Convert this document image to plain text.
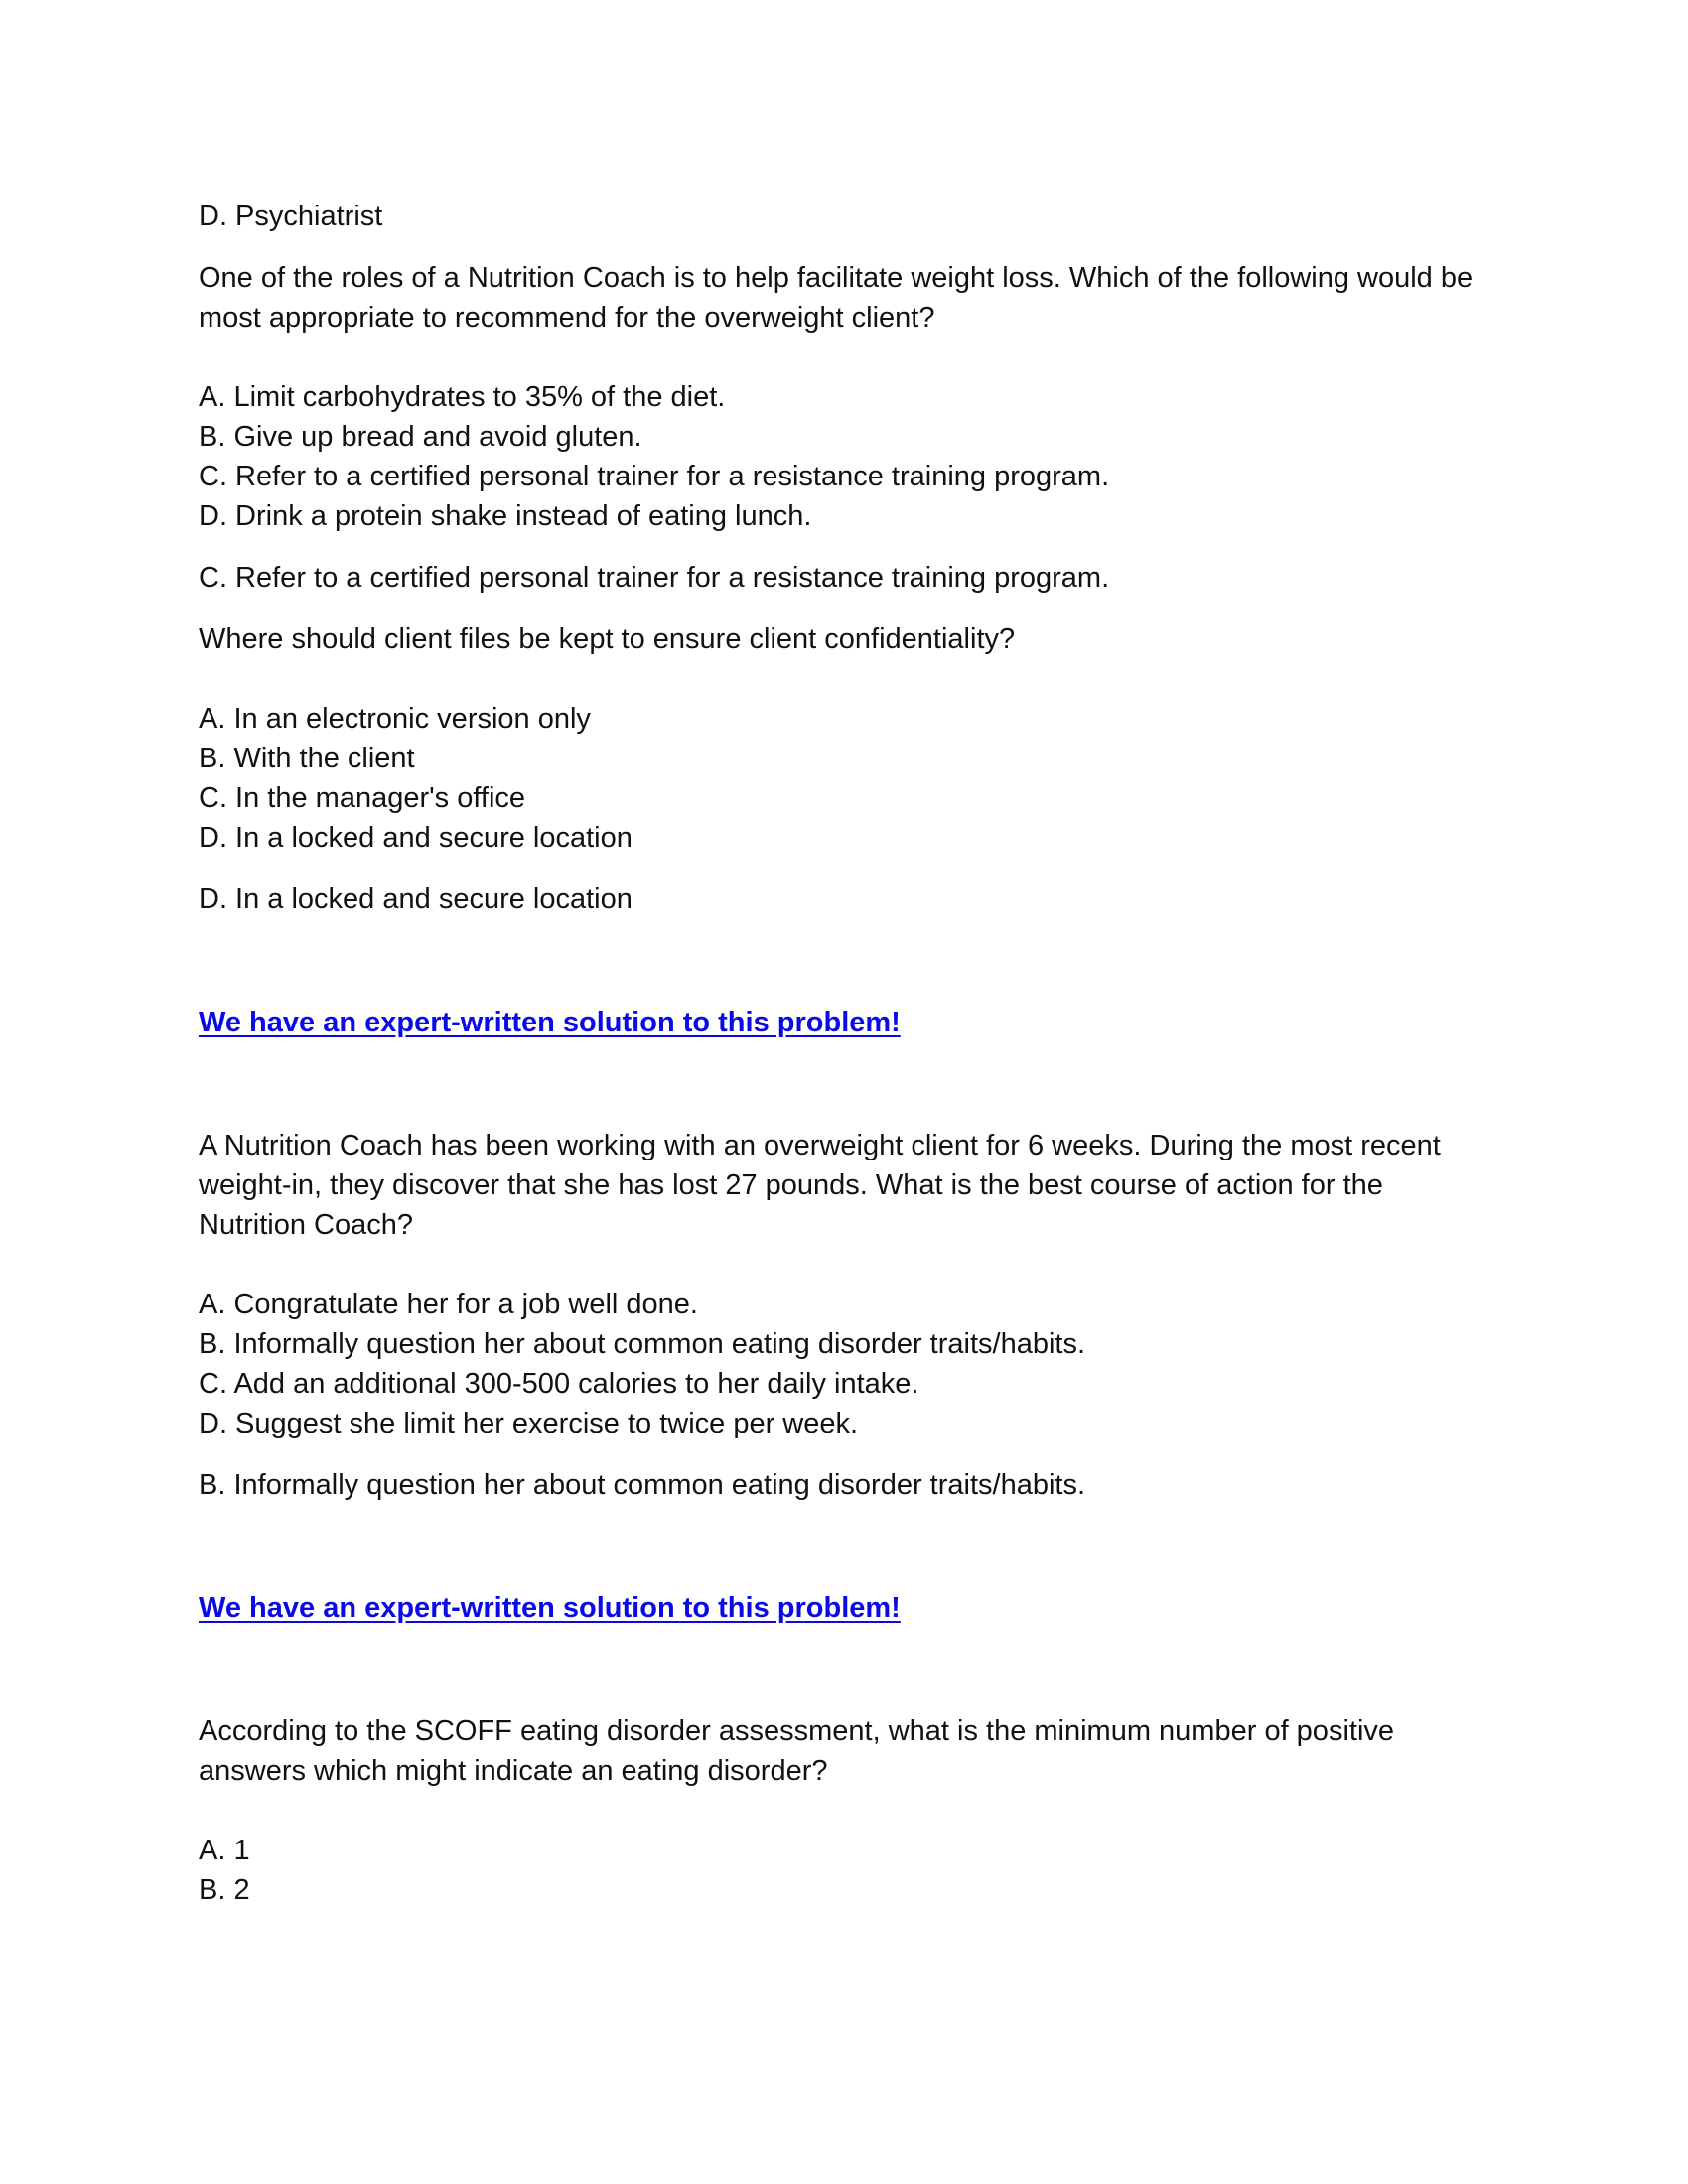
D. Psychiatrist

One of the roles of a Nutrition Coach is to help facilitate weight loss. Which of the following would be most appropriate to recommend for the overweight client?

A. Limit carbohydrates to 35% of the diet.

B. Give up bread and avoid gluten.

C. Refer to a certified personal trainer for a resistance training program.

D. Drink a protein shake instead of eating lunch.

C. Refer to a certified personal trainer for a resistance training program.

Where should client files be kept to ensure client confidentiality?

A. In an electronic version only

B. With the client

C. In the manager's office

D. In a locked and secure location

D. In a locked and secure location

We have an expert-written solution to this problem!

A Nutrition Coach has been working with an overweight client for 6 weeks. During the most recent weight-in, they discover that she has lost 27 pounds. What is the best course of action for the Nutrition Coach?

A. Congratulate her for a job well done.

B. Informally question her about common eating disorder traits/habits.

C. Add an additional 300-500 calories to her daily intake.

D. Suggest she limit her exercise to twice per week.

B. Informally question her about common eating disorder traits/habits.

We have an expert-written solution to this problem!

According to the SCOFF eating disorder assessment, what is the minimum number of positive answers which might indicate an eating disorder?

A. 1

B. 2
